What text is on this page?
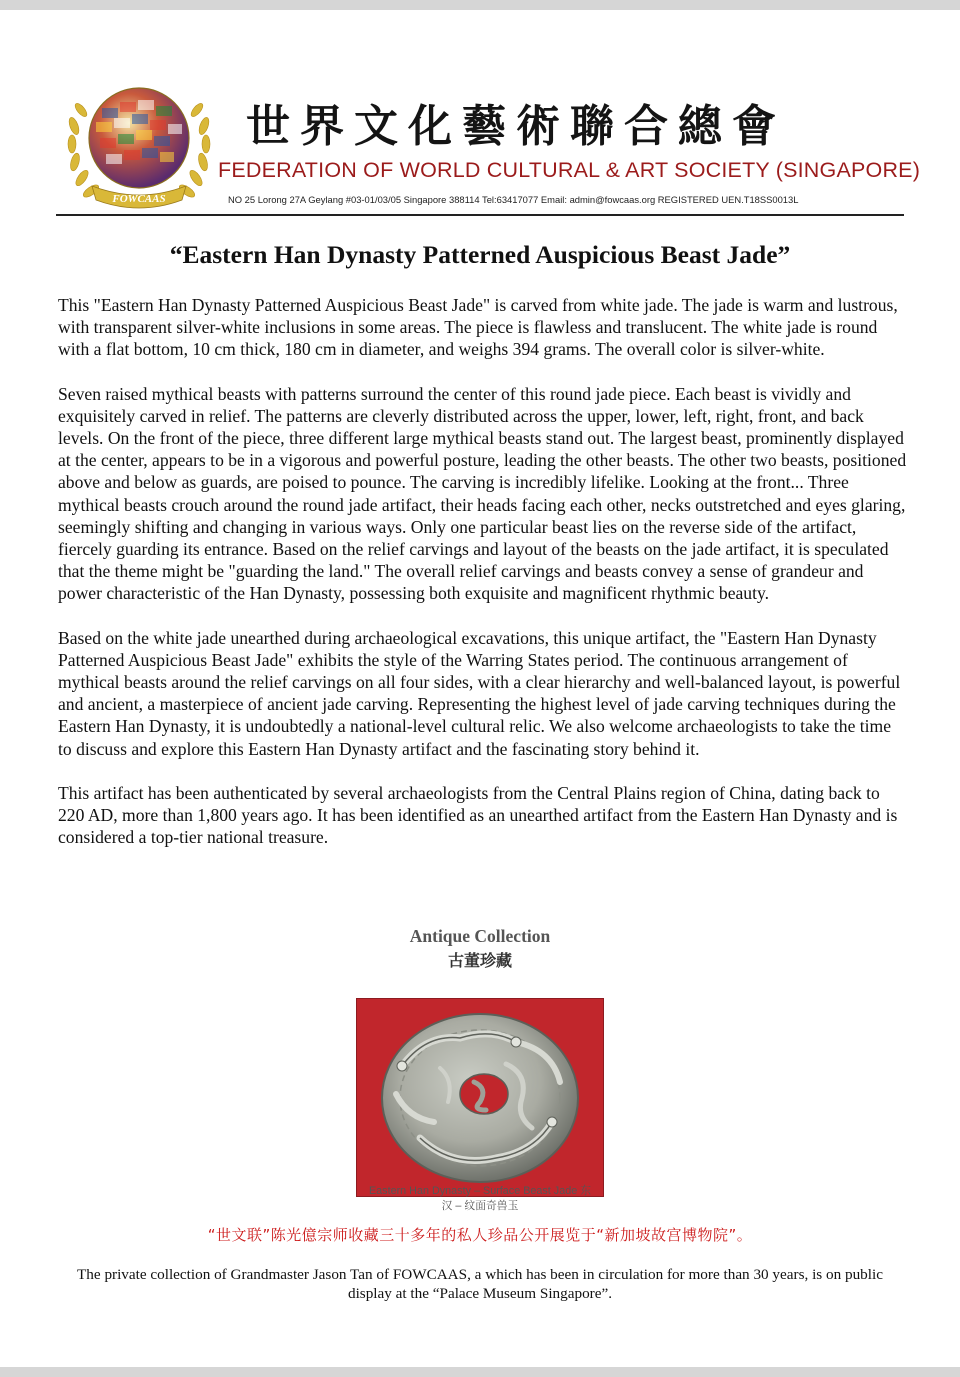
FOWCAAS
世界文化藝術聯合總會
FEDERATION OF WORLD CULTURAL & ART SOCIETY (SINGAPORE)
NO 25 Lorong 27A Geylang #03-01/03/05 Singapore 388114 Tel:63417077 Email: admin@fowcaas.org REGISTERED UEN.T18SS0013L
“Eastern Han Dynasty Patterned Auspicious Beast Jade”

This "Eastern Han Dynasty Patterned Auspicious Beast Jade" is carved from white jade. The jade is warm and lustrous, with transparent silver-white inclusions in some areas. The piece is flawless and translucent. The white jade is round with a flat bottom, 10 cm thick, 180 cm in diameter, and weighs 394 grams. The overall color is silver-white.

Seven raised mythical beasts with patterns surround the center of this round jade piece. Each beast is vividly and exquisitely carved in relief. The patterns are cleverly distributed across the upper, lower, left, right, front, and back levels. On the front of the piece, three different large mythical beasts stand out. The largest beast, prominently displayed at the center, appears to be in a vigorous and powerful posture, leading the other beasts. The other two beasts, positioned above and below as guards, are poised to pounce. The carving is incredibly lifelike. Looking at the front... Three mythical beasts crouch around the round jade artifact, their heads facing each other, necks outstretched and eyes glaring, seemingly shifting and changing in various ways. Only one particular beast lies on the reverse side of the artifact, fiercely guarding its entrance. Based on the relief carvings and layout of the beasts on the jade artifact, it is speculated that the theme might be "guarding the land." The overall relief carvings and beasts convey a sense of grandeur and power characteristic of the Han Dynasty, possessing both exquisite and magnificent rhythmic beauty.

Based on the white jade unearthed during archaeological excavations, this unique artifact, the "Eastern Han Dynasty Patterned Auspicious Beast Jade" exhibits the style of the Warring States period. The continuous arrangement of mythical beasts around the relief carvings on all four sides, with a clear hierarchy and well-balanced layout, is powerful and ancient, a masterpiece of ancient jade carving. Representing the highest level of jade carving techniques during the Eastern Han Dynasty, it is undoubtedly a national-level cultural relic. We also welcome archaeologists to take the time to discuss and explore this Eastern Han Dynasty artifact and the fascinating story behind it.

This artifact has been authenticated by several archaeologists from the Central Plains region of China, dating back to 220 AD, more than 1,800 years ago. It has been identified as an unearthed artifact from the Eastern Han Dynasty and is considered a top-tier national treasure.

Antique Collection
古董珍藏
Eastern Han Dynasty – Surface Beast Jade 东
汉 – 纹面奇兽玉
“世文联”陈光億宗师收藏三十多年的私人珍品公开展览于“新加坡故宫博物院”。
The private collection of Grandmaster Jason Tan of FOWCAAS, a which has been in circulation for more than 30 years, is on public display at the “Palace Museum Singapore”.
